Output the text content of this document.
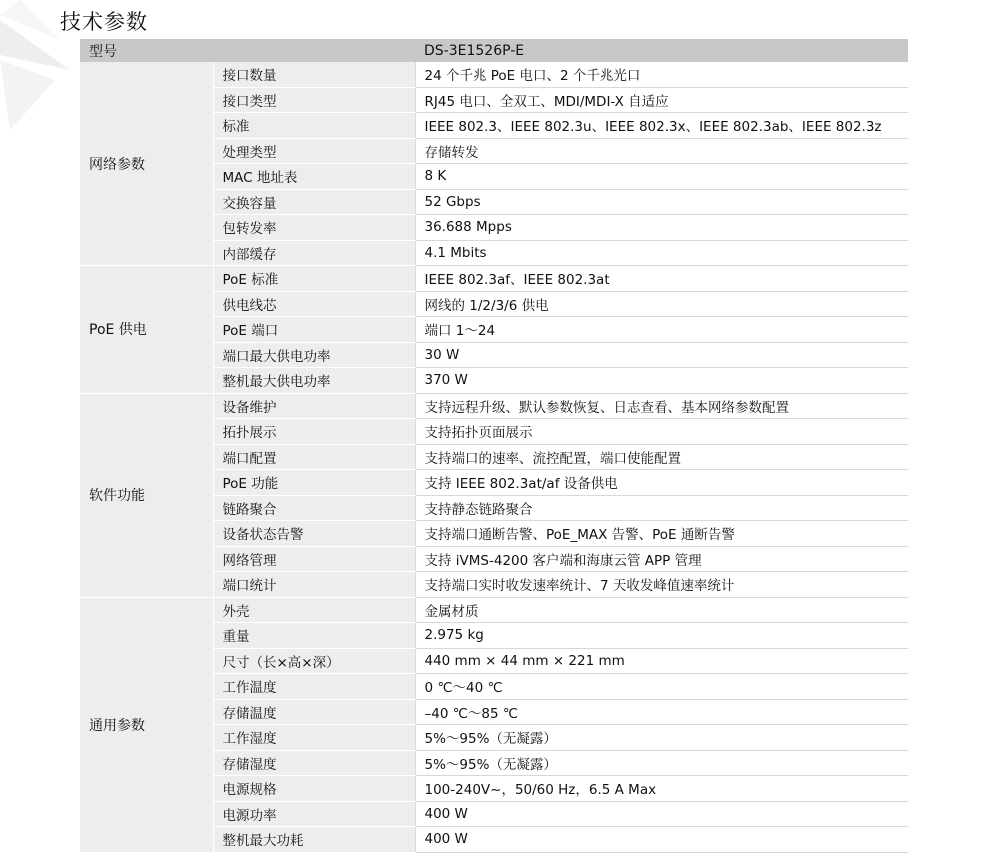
技术参数
型号		DS-3E1526P-E
网络参数	接口数量	24 个千兆 PoE 电口、2 个千兆光口
	接口类型	RJ45 电口、全双工、MDI/MDI-X 自适应
	标准	IEEE 802.3、IEEE 802.3u、IEEE 802.3x、IEEE 802.3ab、IEEE 802.3z
	处理类型	存储转发
	MAC 地址表	8 K
	交换容量	52 Gbps
	包转发率	36.688 Mpps
	内部缓存	4.1 Mbits
PoE 供电	PoE 标准	IEEE 802.3af、IEEE 802.3at
	供电线芯	网线的 1/2/3/6 供电
	PoE 端口	端口 1～24
	端口最大供电功率	30 W
	整机最大供电功率	370 W
软件功能	设备维护	支持远程升级、默认参数恢复、日志查看、基本网络参数配置
	拓扑展示	支持拓扑页面展示
	端口配置	支持端口的速率、流控配置，端口使能配置
	PoE 功能	支持 IEEE 802.3at/af 设备供电
	链路聚合	支持静态链路聚合
	设备状态告警	支持端口通断告警、PoE_MAX 告警、PoE 通断告警
	网络管理	支持 iVMS-4200 客户端和海康云管 APP 管理
	端口统计	支持端口实时收发速率统计、7 天收发峰值速率统计
通用参数	外壳	金属材质
	重量	2.975 kg
	尺寸（长×高×深）	440 mm × 44 mm × 221 mm
	工作温度	0 ℃～40 ℃
	存储温度	–40 ℃～85 ℃
	工作湿度	5%～95%（无凝露）
	存储湿度	5%～95%（无凝露）
	电源规格	100-240V~，50/60 Hz，6.5 A Max
	电源功率	400 W
	整机最大功耗	400 W
